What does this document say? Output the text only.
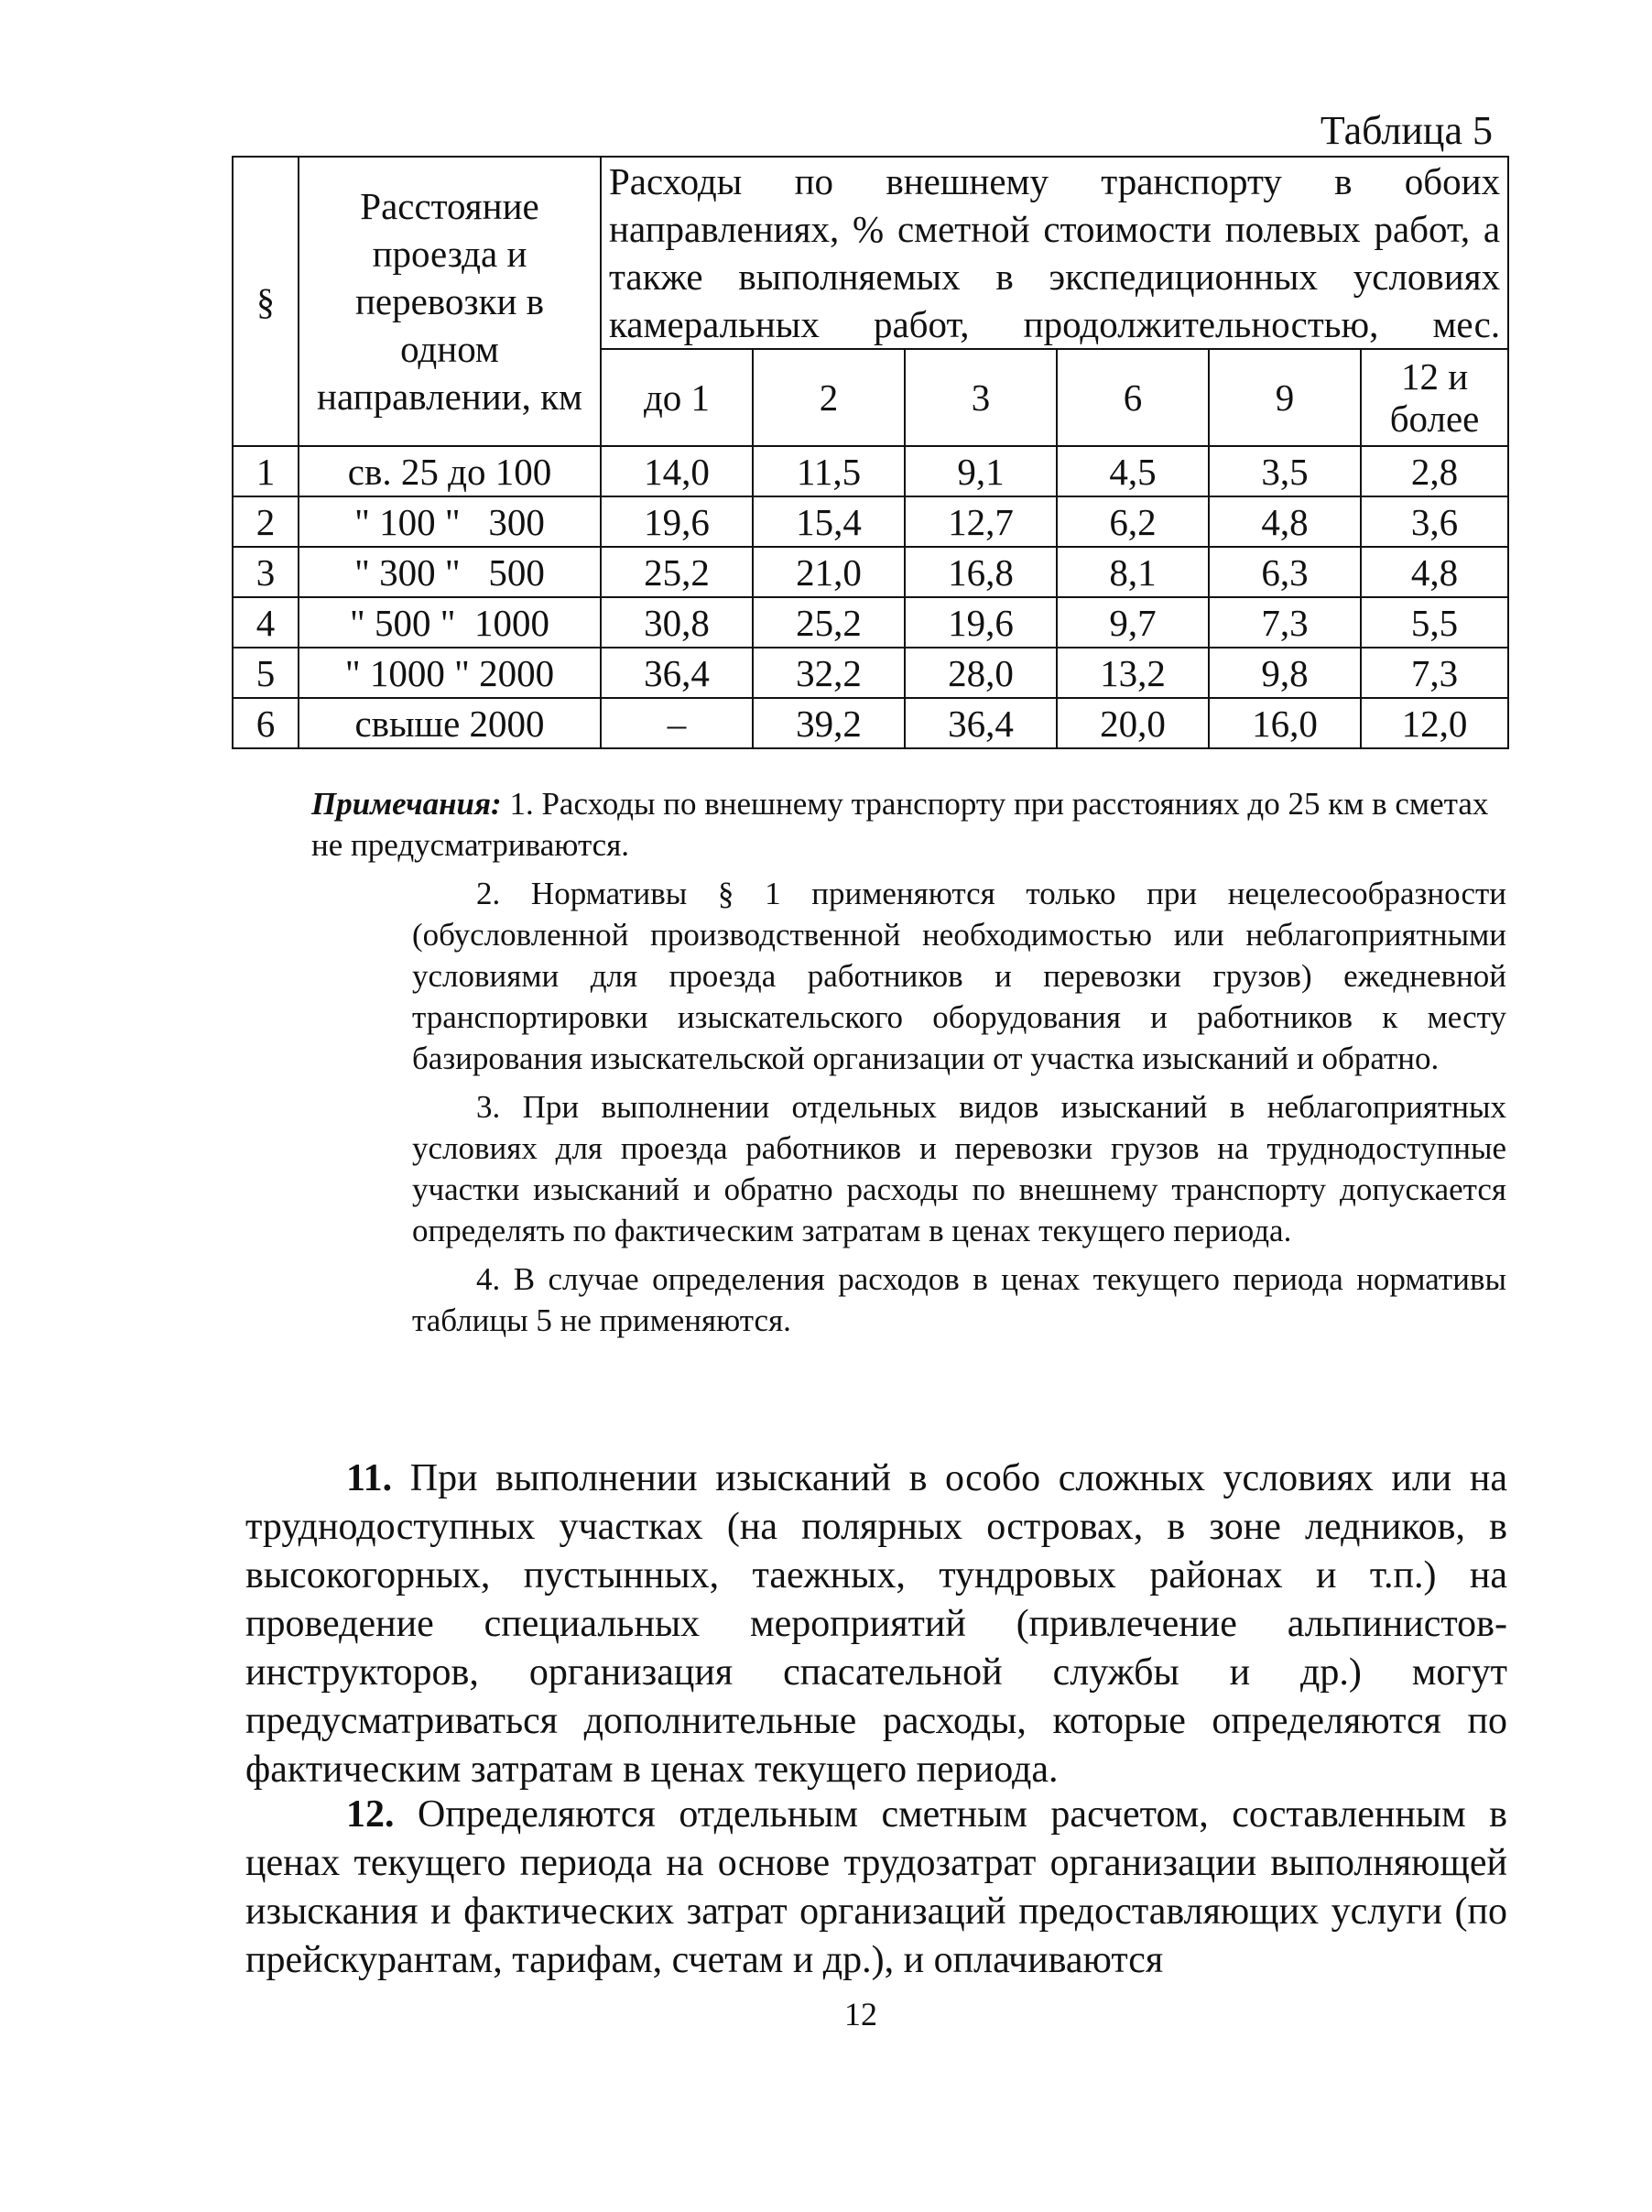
Таблица 5
§	Расстояние проезда и перевозки в одном направлении, км	Расходы по внешнему транспорту в обоих направлениях, % сметной стоимости полевых работ, а также выполняемых в экспедиционных условиях камеральных работ, продолжительностью, мес.					
		до 1	2	3	6	9	12 и более
1	св. 25 до 100	14,0	11,5	9,1	4,5	3,5	2,8
2	" 100 "   300	19,6	15,4	12,7	6,2	4,8	3,6
3	" 300 "   500	25,2	21,0	16,8	8,1	6,3	4,8
4	" 500 "  1000	30,8	25,2	19,6	9,7	7,3	5,5
5	" 1000 " 2000	36,4	32,2	28,0	13,2	9,8	7,3
6	свыше 2000	–	39,2	36,4	20,0	16,0	12,0

Примечания: 1. Расходы по внешнему транспорту при расстояниях до 25 км в сметах не предусматриваются.

2. Нормативы § 1 применяются только при нецелесообразности (обусловленной производственной необходимостью или неблагоприятными условиями для проезда работников и перевозки грузов) ежедневной транспортировки изыскательского оборудования и работников к месту базирования изыскательской организации от участка изысканий и обратно.

3. При выполнении отдельных видов изысканий в неблагоприятных условиях для проезда работников и перевозки грузов на труднодоступные участки изысканий и обратно расходы по внешнему транспорту допускается определять по фактическим затратам в ценах текущего периода.

4. В случае определения расходов в ценах текущего периода нормативы таблицы 5 не применяются.

11. При выполнении изысканий в особо сложных условиях или на труднодоступных участках (на полярных островах, в зоне ледников, в высокогорных, пустынных, таежных, тундровых районах и т.п.) на проведение специальных мероприятий (привлечение альпинистов-инструкторов, организация спасательной службы и др.) могут предусматриваться дополнительные расходы, которые определяются по фактическим затратам в ценах текущего периода.

12. Определяются отдельным сметным расчетом, составленным в ценах текущего периода на основе трудозатрат организации выполняющей изыскания и фактических затрат организаций предоставляющих услуги (по прейскурантам, тарифам, счетам и др.), и оплачиваются

12
